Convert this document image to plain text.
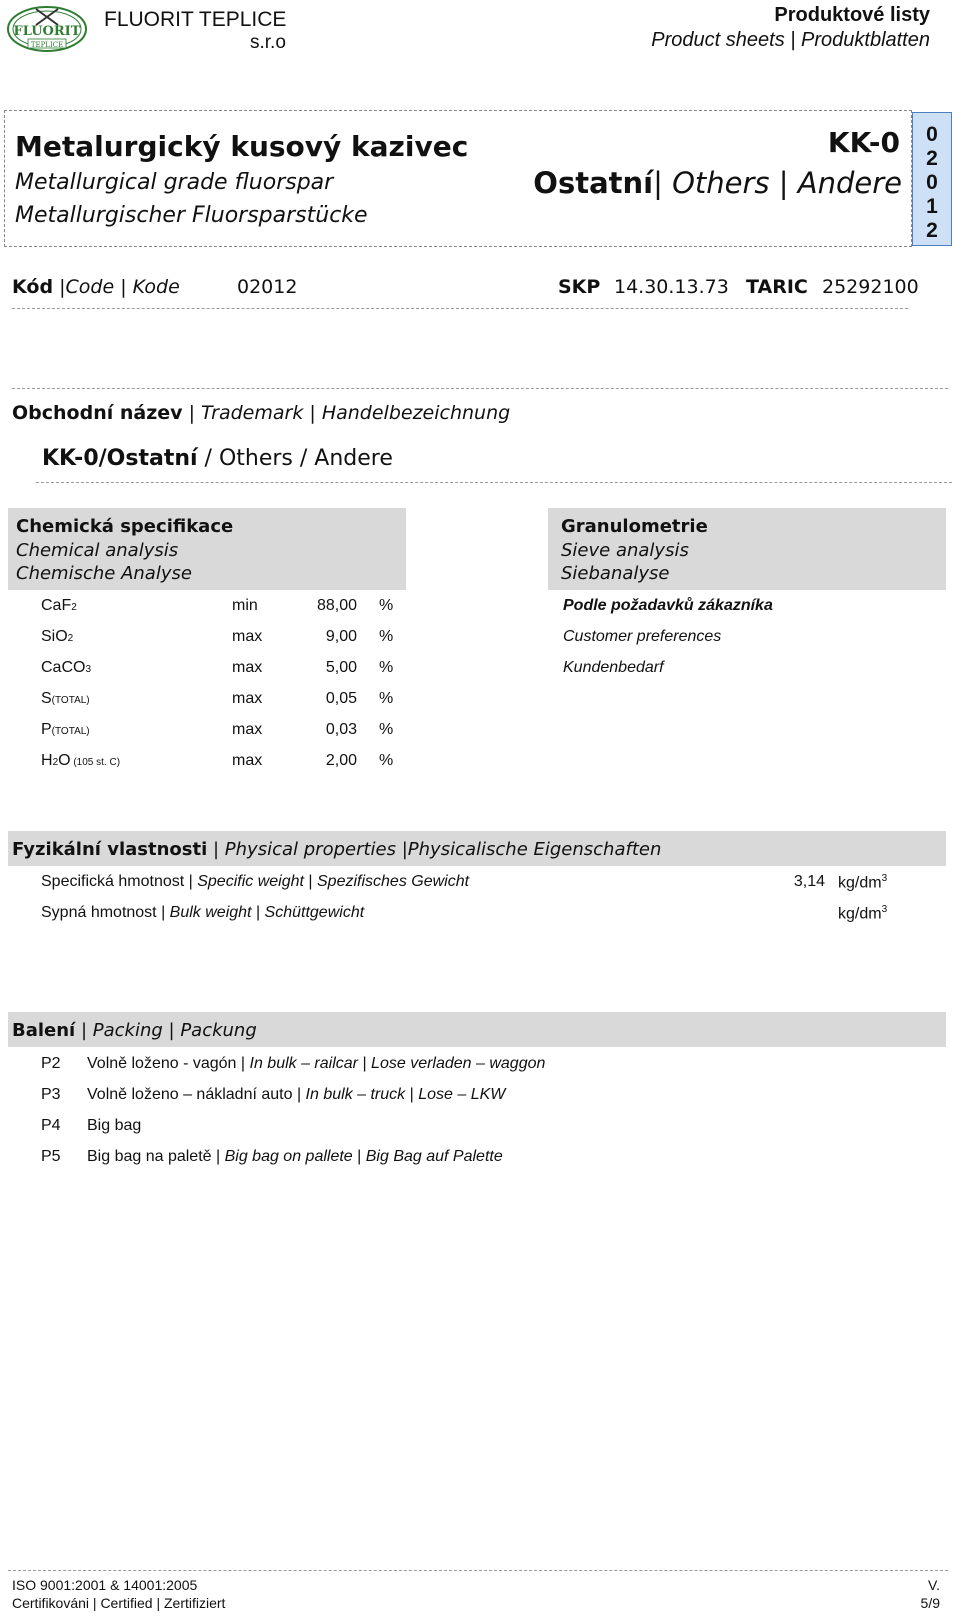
FLUORIT
TEPLICE
FLUORIT TEPLICE
s.r.o
Produktové listy
Product sheets | Produktblatten
Metalurgický kusový kazivec
Metallurgical grade fluorspar
Metallurgischer Fluorsparstücke
KK-0
Ostatní| Others | Andere
0
2
0
1
2
Kód |Code | Kode	02012	SKP 14.30.13.73 TARIC 25292100
Obchodní název | Trademark | Handelbezeichnung
KK-0/Ostatní / Others / Andere
Chemická specifikace
Chemical analysis
Chemische Analyse
Granulometrie
Sieve analysis
Siebanalyse
CaF2	min	88,00 %
SiO2	max	9,00 %
CaCO3	max	5,00 %
S(TOTAL)	max	0,05 %
P(TOTAL)	max	0,03 %
H2O (105 st. C)	max	2,00 %
Podle požadavků zákazníka
Customer preferences
Kundenbedarf
Fyzikální vlastnosti | Physical properties |Physicalische Eigenschaften
Specifická hmotnost | Specific weight | Spezifisches Gewicht	3,14 $kg/dm^3$
Sypná hmotnost | Bulk weight | Schüttgewicht	$kg/dm^3$
Balení | Packing | Packung
P2 Volně loženo - vagón | In bulk – railcar | Lose verladen – waggon
P3 Volně loženo – nákladní auto | In bulk – truck | Lose – LKW
P4 Big bag
P5 Big bag na paletě | Big bag on pallete | Big Bag auf Palette
ISO 9001:2001 & 14001:2005
Certifikováni | Certified | Zertifiziert
V.
5/9
